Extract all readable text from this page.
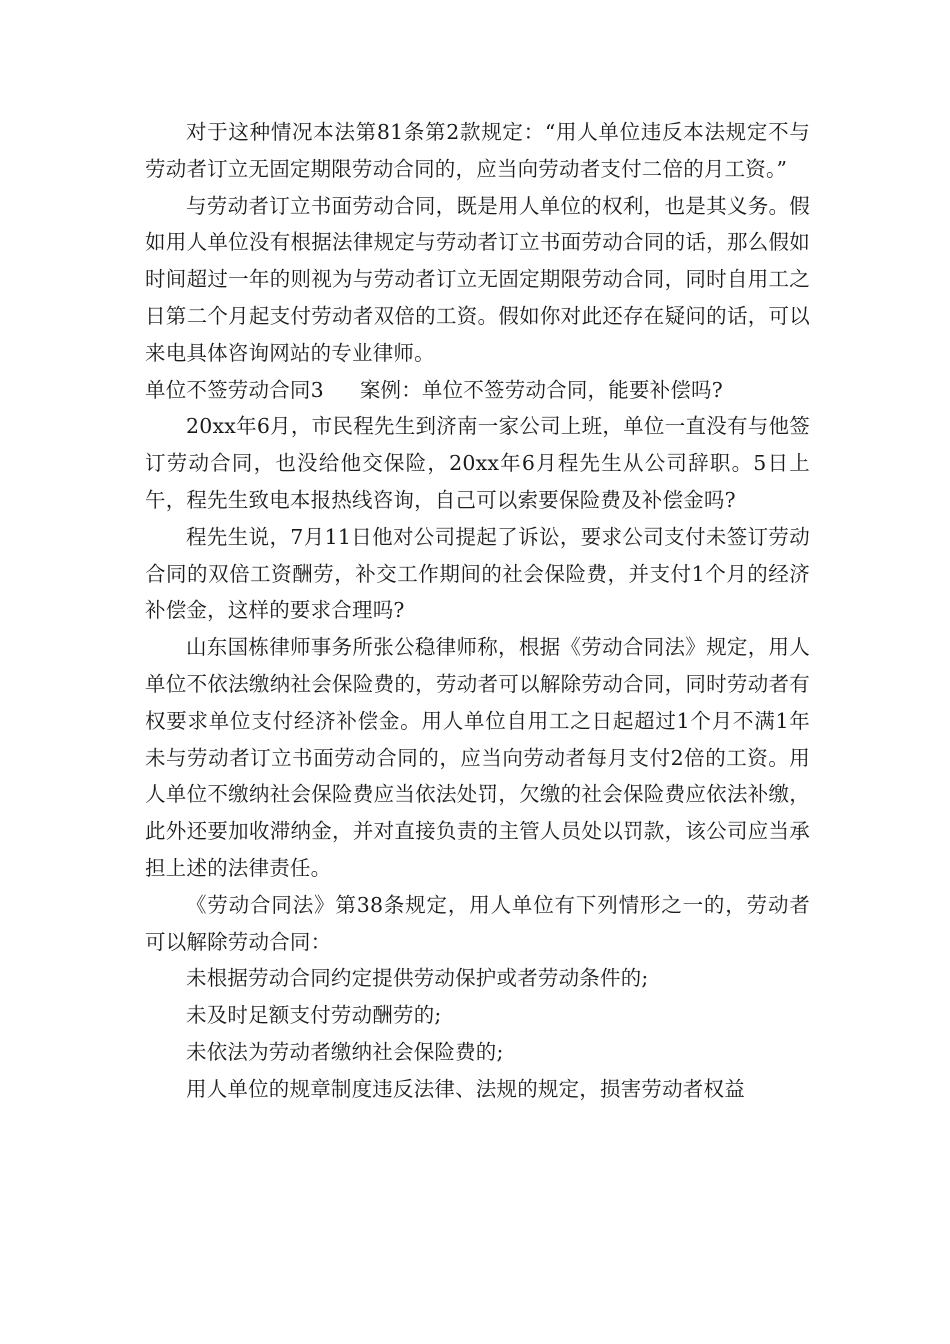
对于这种情况本法第81条第2款规定：“用人单位违反本法规定不与劳动者订立无固定期限劳动合同的，应当向劳动者支付二倍的月工资。”

与劳动者订立书面劳动合同，既是用人单位的权利，也是其义务。假如用人单位没有根据法律规定与劳动者订立书面劳动合同的话，那么假如时间超过一年的则视为与劳动者订立无固定期限劳动合同，同时自用工之日第二个月起支付劳动者双倍的工资。假如你对此还存在疑问的话，可以来电具体咨询网站的专业律师。

单位不签劳动合同3 案例：单位不签劳动合同，能要补偿吗?

20xx年6月，市民程先生到济南一家公司上班，单位一直没有与他签订劳动合同，也没给他交保险，20xx年6月程先生从公司辞职。5日上午，程先生致电本报热线咨询，自己可以索要保险费及补偿金吗?

程先生说，7月11日他对公司提起了诉讼，要求公司支付未签订劳动合同的双倍工资酬劳，补交工作期间的社会保险费，并支付1个月的经济补偿金，这样的要求合理吗?

山东国栋律师事务所张公稳律师称，根据《劳动合同法》规定，用人单位不依法缴纳社会保险费的，劳动者可以解除劳动合同，同时劳动者有权要求单位支付经济补偿金。用人单位自用工之日起超过1个月不满1年未与劳动者订立书面劳动合同的，应当向劳动者每月支付2倍的工资。用人单位不缴纳社会保险费应当依法处罚，欠缴的社会保险费应依法补缴，此外还要加收滞纳金，并对直接负责的主管人员处以罚款，该公司应当承担上述的法律责任。

《劳动合同法》第38条规定，用人单位有下列情形之一的，劳动者可以解除劳动合同：

未根据劳动合同约定提供劳动保护或者劳动条件的;

未及时足额支付劳动酬劳的;

未依法为劳动者缴纳社会保险费的;

用人单位的规章制度违反法律、法规的规定，损害劳动者权益
